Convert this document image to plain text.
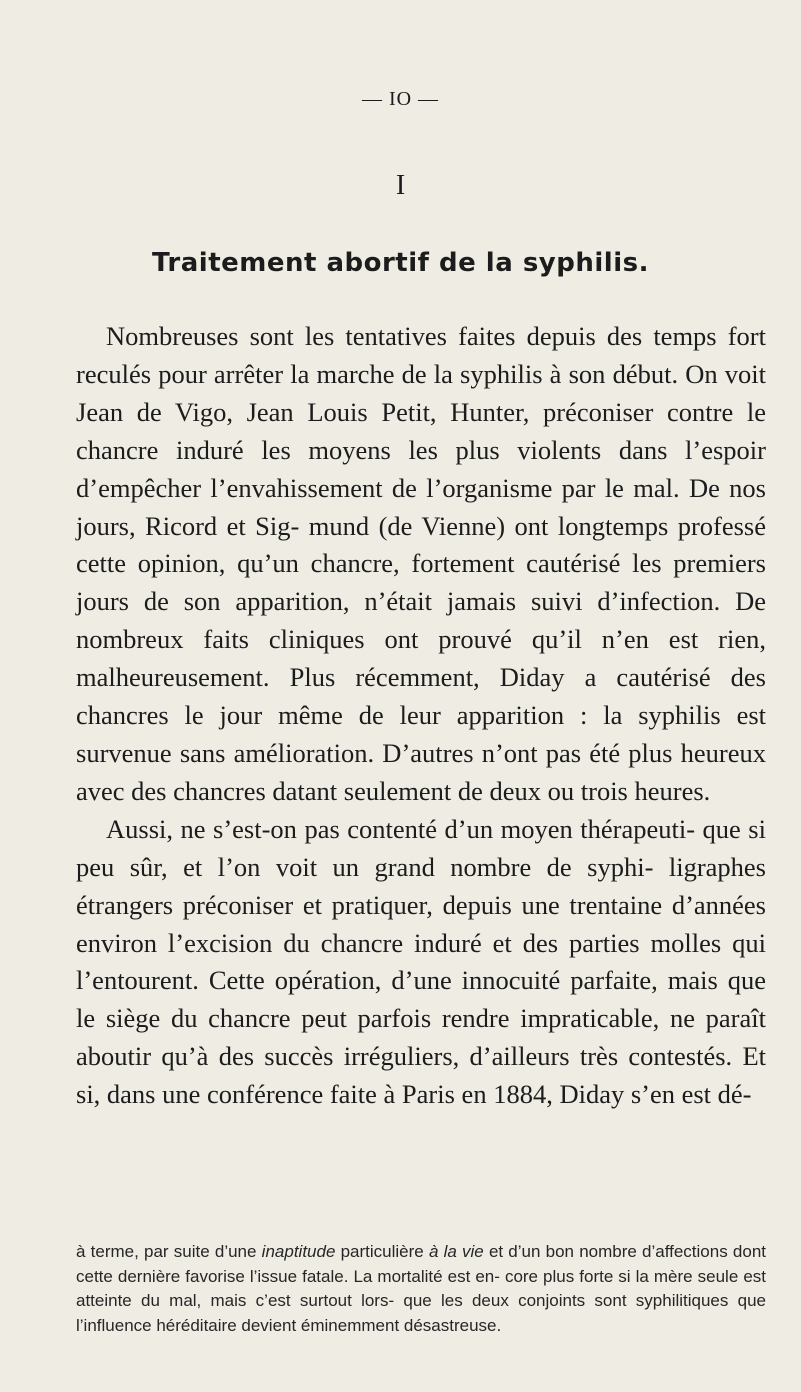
— IO —
I
Traitement abortif de la syphilis.

Nombreuses sont les tentatives faites depuis des temps fort reculés pour arrêter la marche de la syphilis à son début. On voit Jean de Vigo, Jean Louis Petit, Hunter, préconiser contre le chancre induré les moyens les plus violents dans l’espoir d’empêcher l’envahissement de l’organisme par le mal. De nos jours, Ricord et Sig- mund (de Vienne) ont longtemps professé cette opinion, qu’un chancre, fortement cautérisé les premiers jours de son apparition, n’était jamais suivi d’infection. De nombreux faits cliniques ont prouvé qu’il n’en est rien, malheureusement. Plus récemment, Diday a cautérisé des chancres le jour même de leur apparition : la syphilis est survenue sans amélioration. D’autres n’ont pas été plus heureux avec des chancres datant seulement de deux ou trois heures.

Aussi, ne s’est-on pas contenté d’un moyen thérapeuti- que si peu sûr, et l’on voit un grand nombre de syphi- ligraphes étrangers préconiser et pratiquer, depuis une trentaine d’années environ l’excision du chancre induré et des parties molles qui l’entourent. Cette opération, d’une innocuité parfaite, mais que le siège du chancre peut parfois rendre impraticable, ne paraît aboutir qu’à des succès irréguliers, d’ailleurs très contestés. Et si, dans une conférence faite à Paris en 1884, Diday s’en est dé-

à terme, par suite d’une inaptitude particulière à la vie et d’un bon nombre d’affections dont cette dernière favorise l’issue fatale. La mortalité est en- core plus forte si la mère seule est atteinte du mal, mais c’est surtout lors- que les deux conjoints sont syphilitiques que l’influence héréditaire devient éminemment désastreuse.
